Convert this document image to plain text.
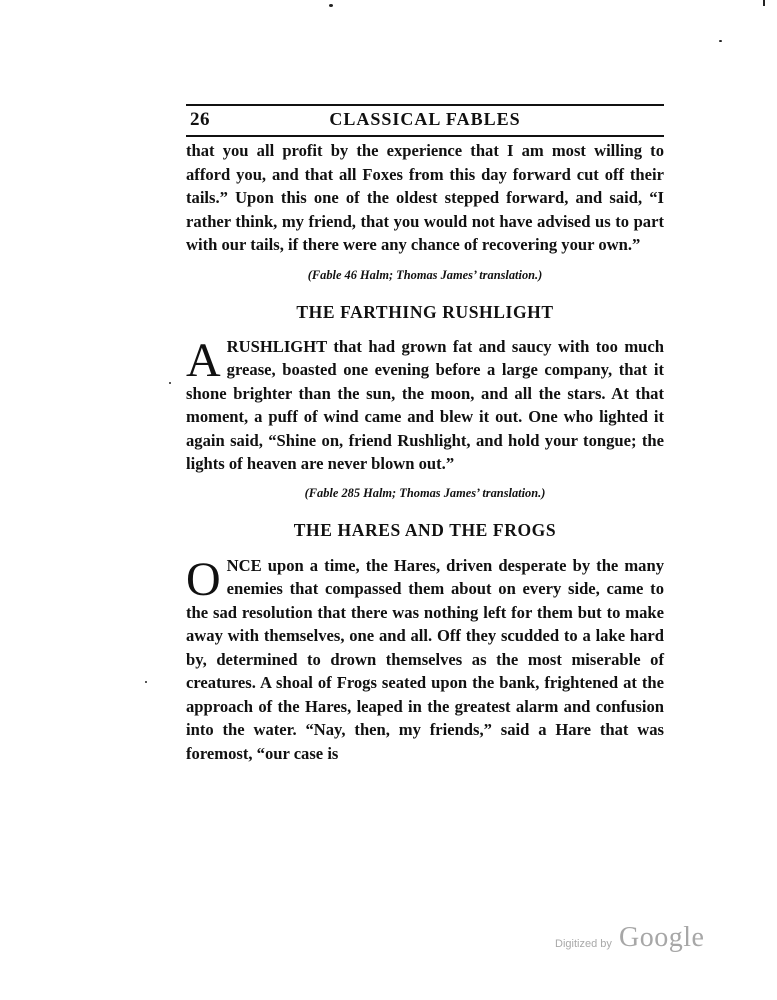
26	CLASSICAL FABLES

that you all profit by the experience that I am most willing to afford you, and that all Foxes from this day forward cut off their tails.” Upon this one of the oldest stepped forward, and said, “I rather think, my friend, that you would not have advised us to part with our tails, if there were any chance of recovering your own.”

(Fable 46 Halm; Thomas James’ translation.)

THE FARTHING RUSHLIGHT
A RUSHLIGHT that had grown fat and saucy with too much grease, boasted one evening before a large company, that it shone brighter than the sun, the moon, and all the stars. At that moment, a puff of wind came and blew it out. One who lighted it again said, “Shine on, friend Rushlight, and hold your tongue; the lights of heaven are never blown out.”

(Fable 285 Halm; Thomas James’ translation.)

THE HARES AND THE FROGS
O NCE upon a time, the Hares, driven desperate by the many enemies that compassed them about on every side, came to the sad resolution that there was nothing left for them but to make away with themselves, one and all. Off they scudded to a lake hard by, determined to drown themselves as the most miserable of creatures. A shoal of Frogs seated upon the bank, frightened at the approach of the Hares, leaped in the greatest alarm and confusion into the water. “Nay, then, my friends,” said a Hare that was foremost, “our case is

Digitized by Google
